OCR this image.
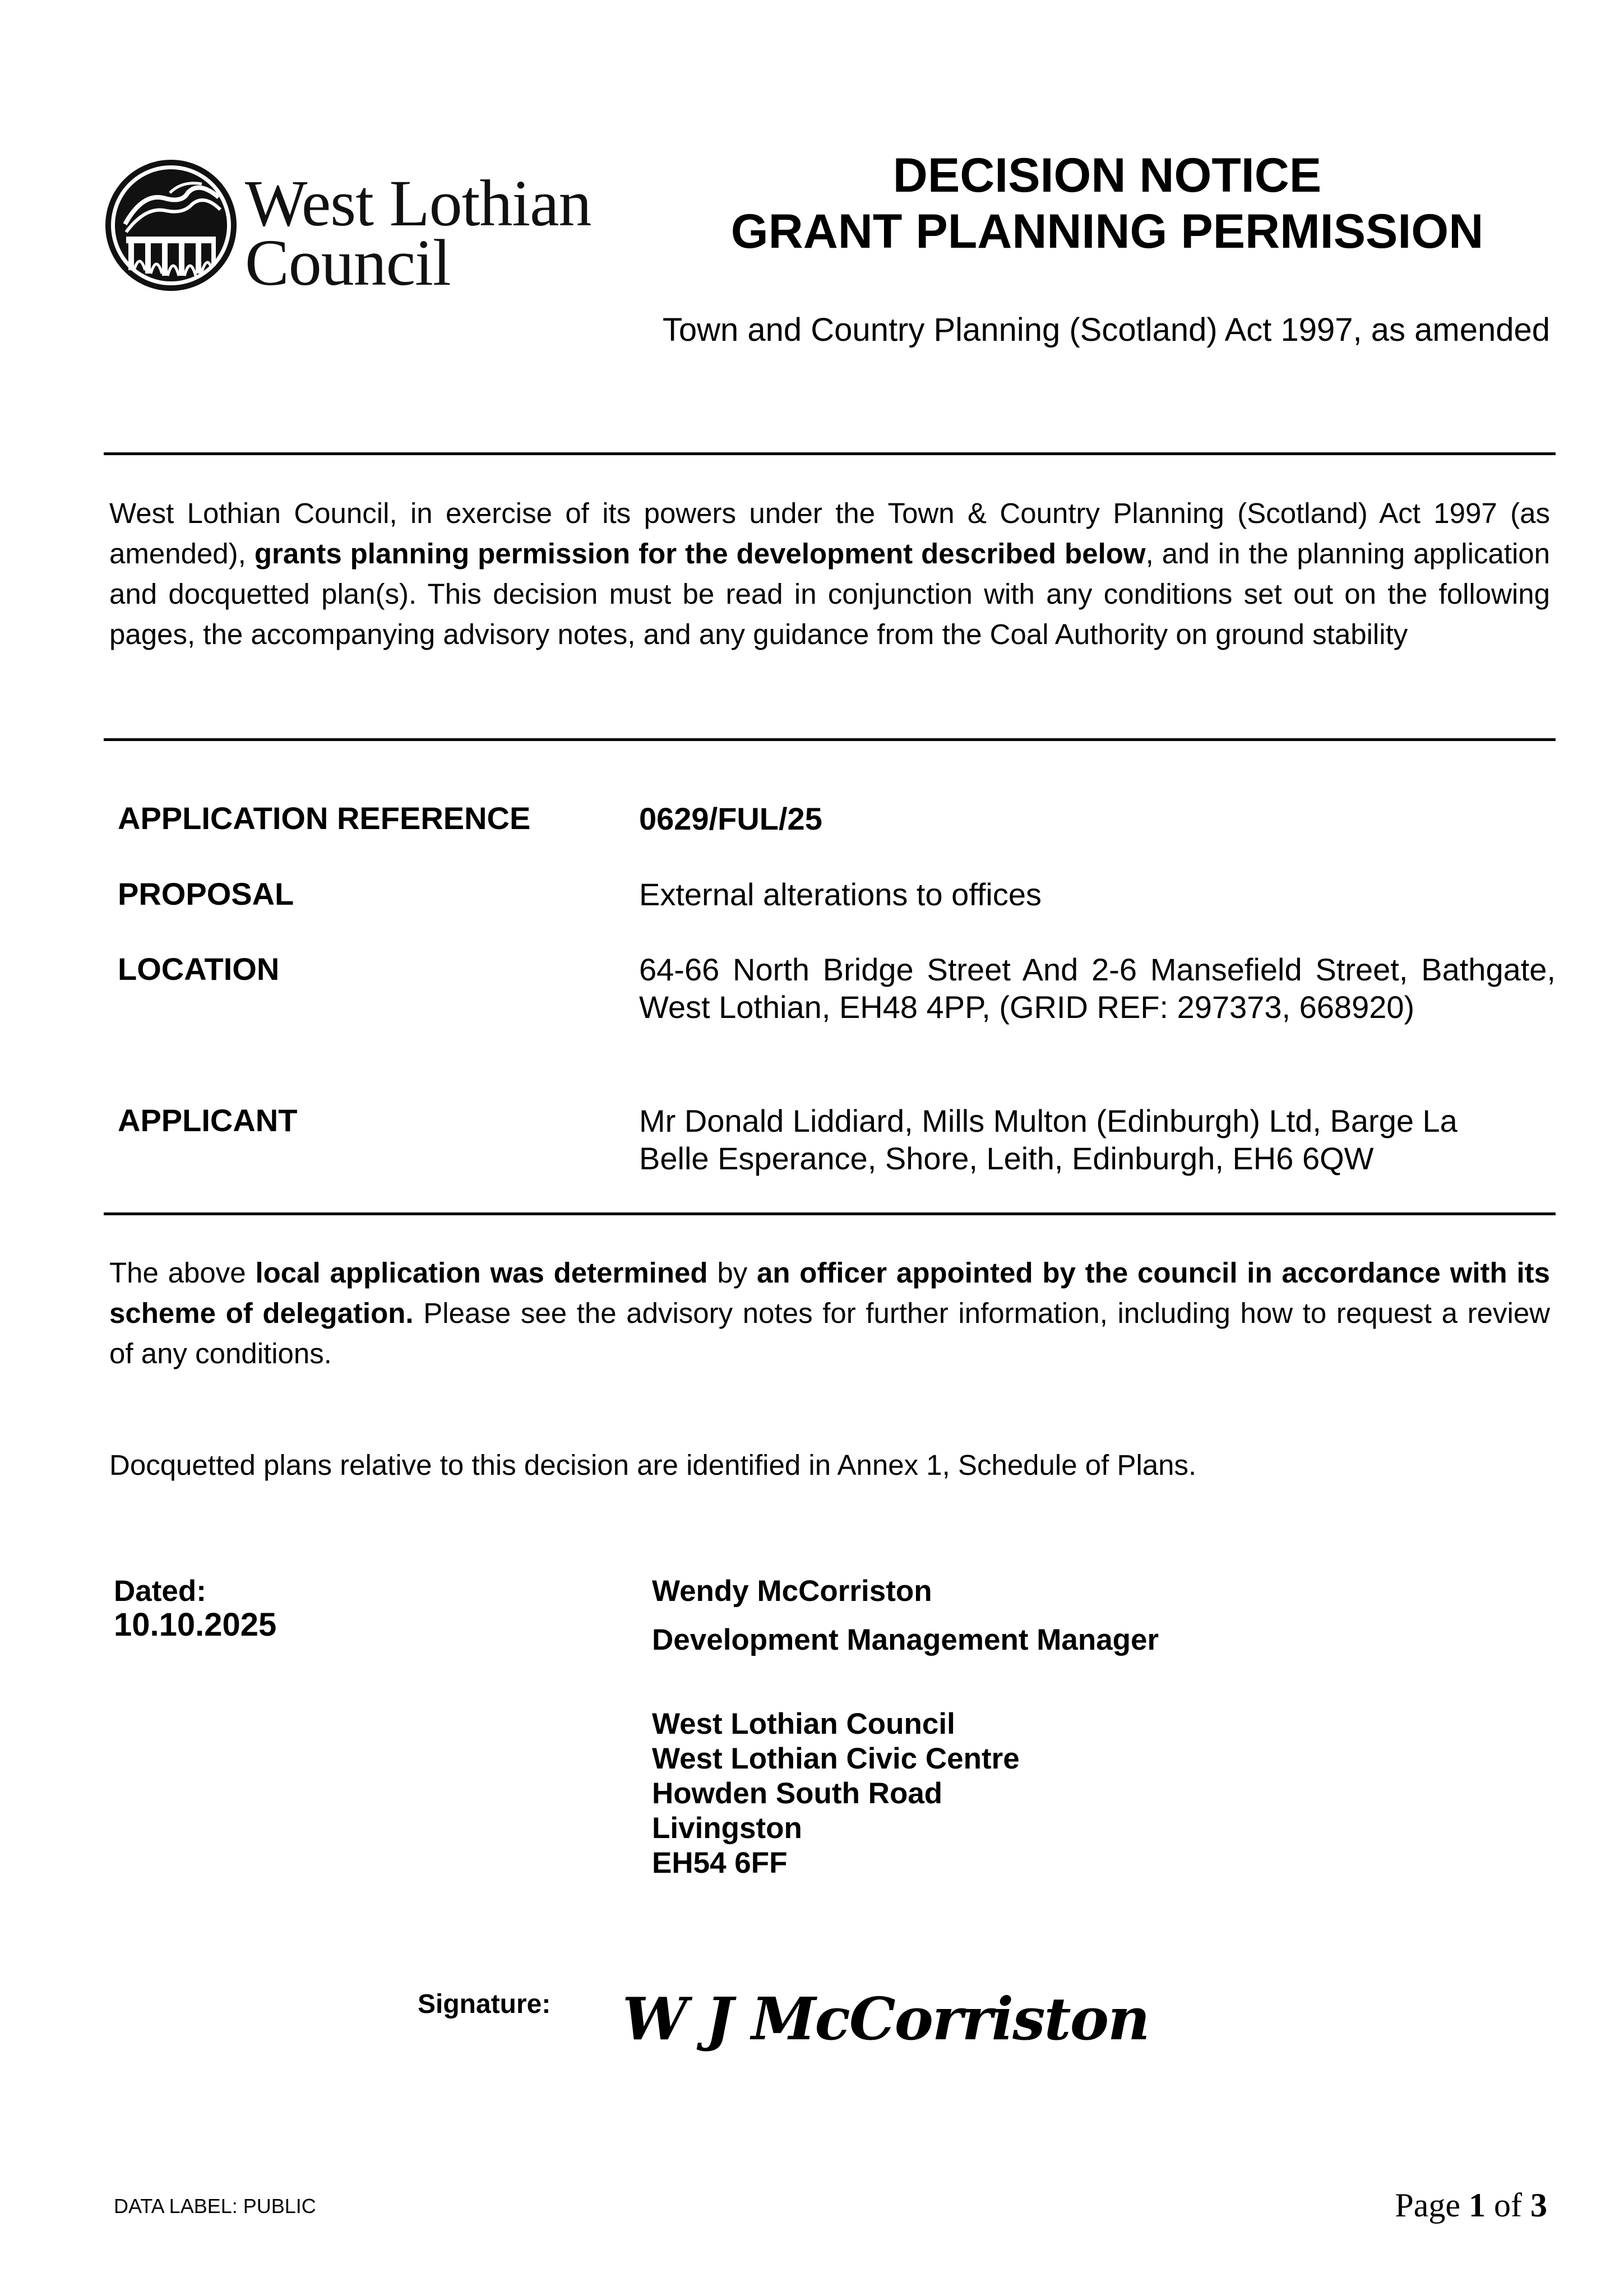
West Lothian
Council
DECISION NOTICE
GRANT PLANNING PERMISSION
Town and Country Planning (Scotland) Act 1997, as amended
West Lothian Council, in exercise of its powers under the Town & Country Planning (Scotland) Act 1997 (as amended), grants planning permission for the development described below, and in the planning application and docquetted plan(s). This decision must be read in conjunction with any conditions set out on the following pages, the accompanying advisory notes, and any guidance from the Coal Authority on ground stability
APPLICATION REFERENCE	0629/FUL/25
PROPOSAL	External alterations to offices
LOCATION	64-66 North Bridge Street And 2-6 Mansefield Street, Bathgate, West Lothian, EH48 4PP, (GRID REF: 297373, 668920)
APPLICANT	Mr Donald Liddiard, Mills Multon (Edinburgh) Ltd, Barge La
Belle Esperance, Shore, Leith, Edinburgh, EH6 6QW
The above local application was determined by an officer appointed by the council in accordance with its scheme of delegation. Please see the advisory notes for further information, including how to request a review of any conditions.
Docquetted plans relative to this decision are identified in Annex 1, Schedule of Plans.
Dated:
10.10.2025
Wendy McCorriston
Development Management Manager
West Lothian Council
West Lothian Civic Centre
Howden South Road
Livingston
EH54 6FF
Signature: W J McCorriston
DATA LABEL: PUBLIC	Page 1 of 3
